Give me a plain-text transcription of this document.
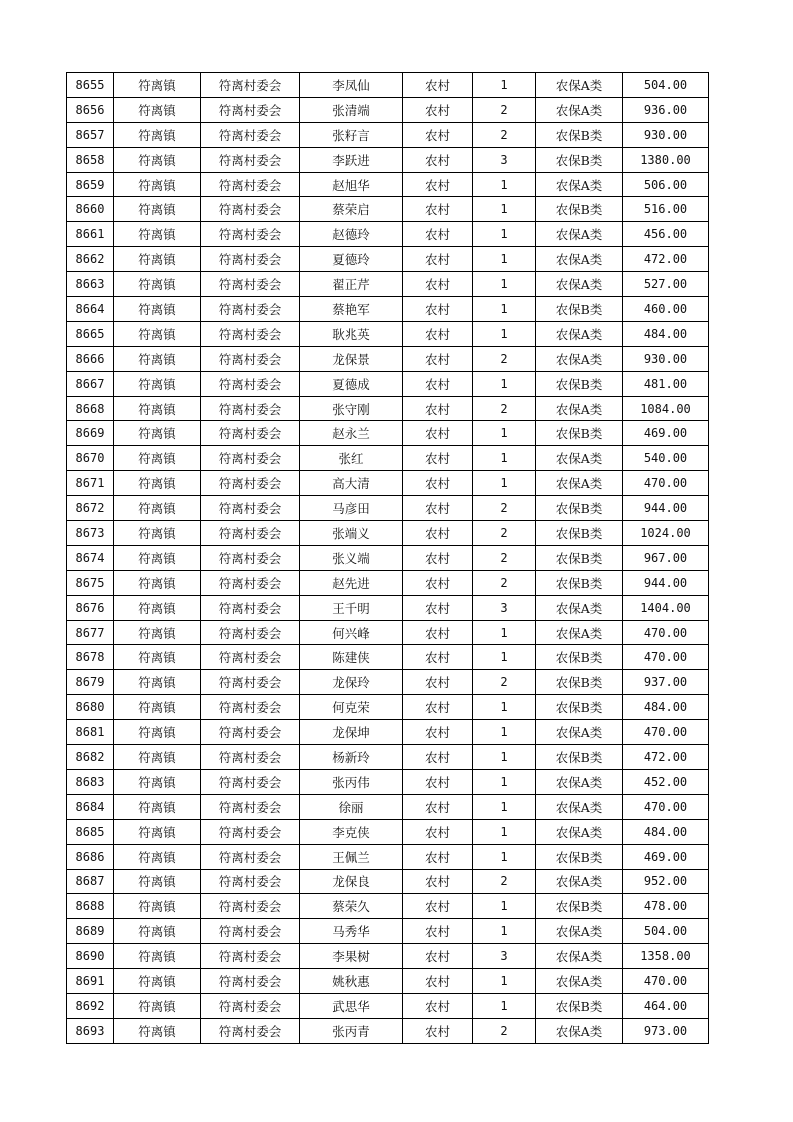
8655	符离镇	符离村委会	李凤仙	农村	1	农保A类	504.00
8656	符离镇	符离村委会	张清端	农村	2	农保A类	936.00
8657	符离镇	符离村委会	张籽言	农村	2	农保B类	930.00
8658	符离镇	符离村委会	李跃进	农村	3	农保B类	1380.00
8659	符离镇	符离村委会	赵旭华	农村	1	农保A类	506.00
8660	符离镇	符离村委会	蔡荣启	农村	1	农保B类	516.00
8661	符离镇	符离村委会	赵德玲	农村	1	农保A类	456.00
8662	符离镇	符离村委会	夏德玲	农村	1	农保A类	472.00
8663	符离镇	符离村委会	翟正芹	农村	1	农保A类	527.00
8664	符离镇	符离村委会	蔡艳军	农村	1	农保B类	460.00
8665	符离镇	符离村委会	耿兆英	农村	1	农保A类	484.00
8666	符离镇	符离村委会	龙保景	农村	2	农保A类	930.00
8667	符离镇	符离村委会	夏德成	农村	1	农保B类	481.00
8668	符离镇	符离村委会	张守刚	农村	2	农保A类	1084.00
8669	符离镇	符离村委会	赵永兰	农村	1	农保B类	469.00
8670	符离镇	符离村委会	张红	农村	1	农保A类	540.00
8671	符离镇	符离村委会	高大清	农村	1	农保A类	470.00
8672	符离镇	符离村委会	马彦田	农村	2	农保B类	944.00
8673	符离镇	符离村委会	张端义	农村	2	农保B类	1024.00
8674	符离镇	符离村委会	张义端	农村	2	农保B类	967.00
8675	符离镇	符离村委会	赵先进	农村	2	农保B类	944.00
8676	符离镇	符离村委会	王千明	农村	3	农保A类	1404.00
8677	符离镇	符离村委会	何兴峰	农村	1	农保A类	470.00
8678	符离镇	符离村委会	陈建侠	农村	1	农保B类	470.00
8679	符离镇	符离村委会	龙保玲	农村	2	农保B类	937.00
8680	符离镇	符离村委会	何克荣	农村	1	农保B类	484.00
8681	符离镇	符离村委会	龙保坤	农村	1	农保A类	470.00
8682	符离镇	符离村委会	杨新玲	农村	1	农保B类	472.00
8683	符离镇	符离村委会	张丙伟	农村	1	农保A类	452.00
8684	符离镇	符离村委会	徐丽	农村	1	农保A类	470.00
8685	符离镇	符离村委会	李克侠	农村	1	农保A类	484.00
8686	符离镇	符离村委会	王佩兰	农村	1	农保B类	469.00
8687	符离镇	符离村委会	龙保良	农村	2	农保A类	952.00
8688	符离镇	符离村委会	蔡荣久	农村	1	农保B类	478.00
8689	符离镇	符离村委会	马秀华	农村	1	农保A类	504.00
8690	符离镇	符离村委会	李果树	农村	3	农保A类	1358.00
8691	符离镇	符离村委会	姚秋惠	农村	1	农保A类	470.00
8692	符离镇	符离村委会	武思华	农村	1	农保B类	464.00
8693	符离镇	符离村委会	张丙青	农村	2	农保A类	973.00
